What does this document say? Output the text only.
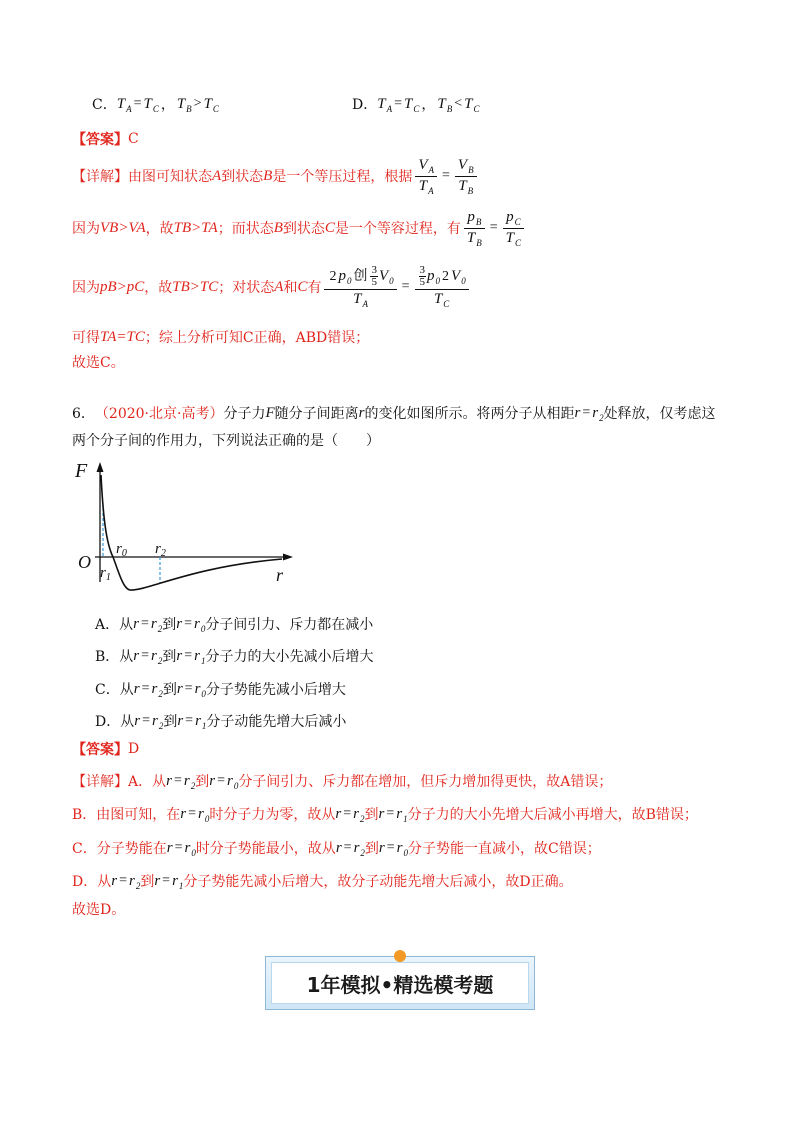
C． $T_A = T_C$ ， $T_B > T_C$	D． $T_A = T_C$ ， $T_B < T_C$
【答案】 C
【详解】由图可知状态 A 到状态 B 是一个等压过程，根据 $\frac{V_A}{T_A} = \frac{V_B}{T_B}$
因为 VB>VA ，故 TB>TA ；而状态 B 到状态 C 是一个等容过程，有 $\frac{p_B}{T_B} = \frac{p_C}{T_C}$
因为 pB>pC ，故 TB>TC ；对状态 A 和 C 有 $\frac{2 p_0 创 \frac{3}{5} V_0}{T_A} = \frac{\frac{3}{5} p_0 2 V_0}{T_C}$
可得 TA=TC ；综上分析可知C正确，ABD错误；
故选C。
6． （2020·北京·高考） 分子力 F 随分子间距离 r 的变化如图所示。将两分子从相距 $r = r_2$ 处释放，仅考虑这
两个分子间的作用力，下列说法正确的是（　　）
F
O
r
$r_0$
$r_1$
$r_2$
A．从 $r = r_2$ 到 $r = r_0$ 分子间引力、斥力都在减小
B．从 $r = r_2$ 到 $r = r_1$ 分子力的大小先减小后增大
C．从 $r = r_2$ 到 $r = r_0$ 分子势能先减小后增大
D．从 $r = r_2$ 到 $r = r_1$ 分子动能先增大后减小
【答案】 D
【详解】A．从 $r = r_2$ 到 $r = r_0$ 分子间引力、斥力都在增加，但斥力增加得更快，故A错误；
B．由图可知，在 $r = r_0$ 时分子力为零，故从 $r = r_2$ 到 $r = r_1$ 分子力的大小先增大后减小再增大，故B错误；
C．分子势能在 $r = r_0$ 时分子势能最小，故从 $r = r_2$ 到 $r = r_0$ 分子势能一直减小，故C错误；
D．从 $r = r_2$ 到 $r = r_1$ 分子势能先减小后增大，故分子动能先增大后减小，故D正确。
故选D。
1年模拟•精选模考题
